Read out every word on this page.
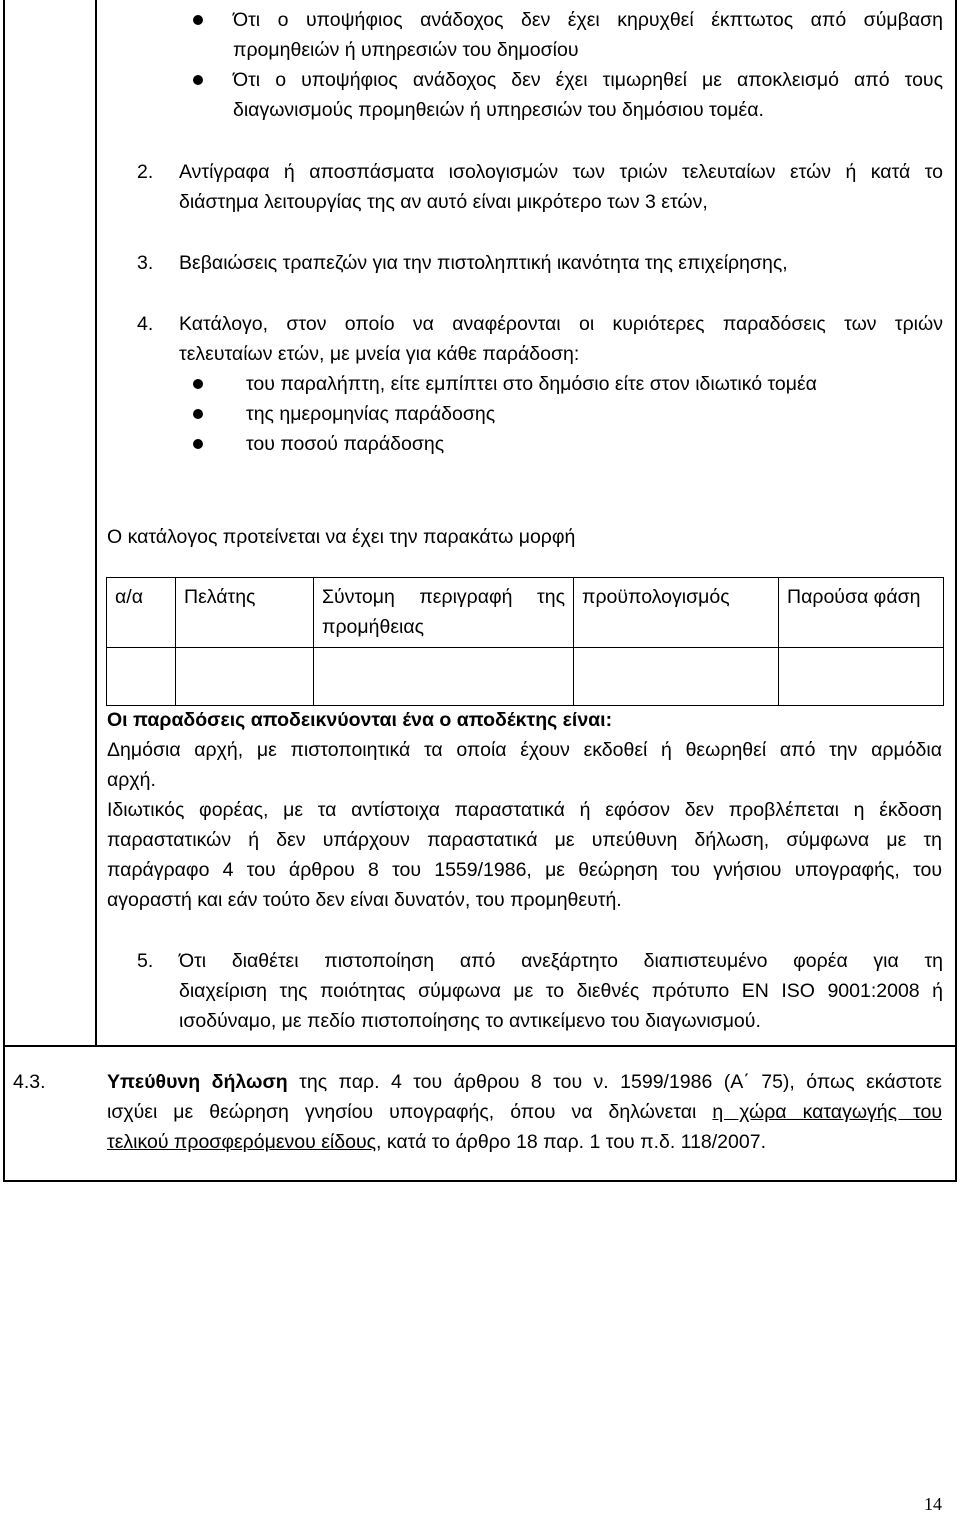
Ότι ο υποψήφιος ανάδοχος δεν έχει κηρυχθεί έκπτωτος από σύμβαση
προμηθειών ή υπηρεσιών του δημοσίου
Ότι ο υποψήφιος ανάδοχος δεν έχει τιμωρηθεί με αποκλεισμό από τους
διαγωνισμούς προμηθειών ή υπηρεσιών του δημόσιου τομέα.
2. Αντίγραφα ή αποσπάσματα ισολογισμών των τριών τελευταίων ετών ή κατά το
διάστημα λειτουργίας της αν αυτό είναι μικρότερο των 3 ετών,
3. Βεβαιώσεις τραπεζών για την πιστοληπτική ικανότητα της επιχείρησης,
4. Κατάλογο, στον οποίο να αναφέρονται οι κυριότερες παραδόσεις των τριών
τελευταίων ετών, με μνεία για κάθε παράδοση:
του παραλήπτη, είτε εμπίπτει στο δημόσιο είτε στον ιδιωτικό τομέα
της ημερομηνίας παράδοσης
του ποσού παράδοσης
Ο κατάλογος προτείνεται να έχει την παρακάτω μορφή
α/α	Πελάτης	Σύντομη περιγραφή της προμήθειας	προϋπολογισμός	Παρούσα φάση

Οι παραδόσεις αποδεικνύονται ένα ο αποδέκτης είναι:
Δημόσια αρχή, με πιστοποιητικά τα οποία έχουν εκδοθεί ή θεωρηθεί από την αρμόδια
αρχή.
Ιδιωτικός φορέας, με τα αντίστοιχα παραστατικά ή εφόσον δεν προβλέπεται η έκδοση
παραστατικών ή δεν υπάρχουν παραστατικά με υπεύθυνη δήλωση, σύμφωνα με τη
παράγραφο 4 του άρθρου 8 του 1559/1986, με θεώρηση του γνήσιου υπογραφής, του
αγοραστή και εάν τούτο δεν είναι δυνατόν, του προμηθευτή.
5. Ότι διαθέτει πιστοποίηση από ανεξάρτητο διαπιστευμένο φορέα για τη
διαχείριση της ποιότητας σύμφωνα με το διεθνές πρότυπο EN ISO 9001:2008 ή
ισοδύναμο, με πεδίο πιστοποίησης το αντικείμενο του διαγωνισμού.
4.3.	Υπεύθυνη δήλωση της παρ. 4 του άρθρου 8 του ν. 1599/1986 (Α΄ 75), όπως εκάστοτε
ισχύει με θεώρηση γνησίου υπογραφής, όπου να δηλώνεται η χώρα καταγωγής του
τελικού προσφερόμενου είδους, κατά το άρθρο 18 παρ. 1 του π.δ. 118/2007.
14
